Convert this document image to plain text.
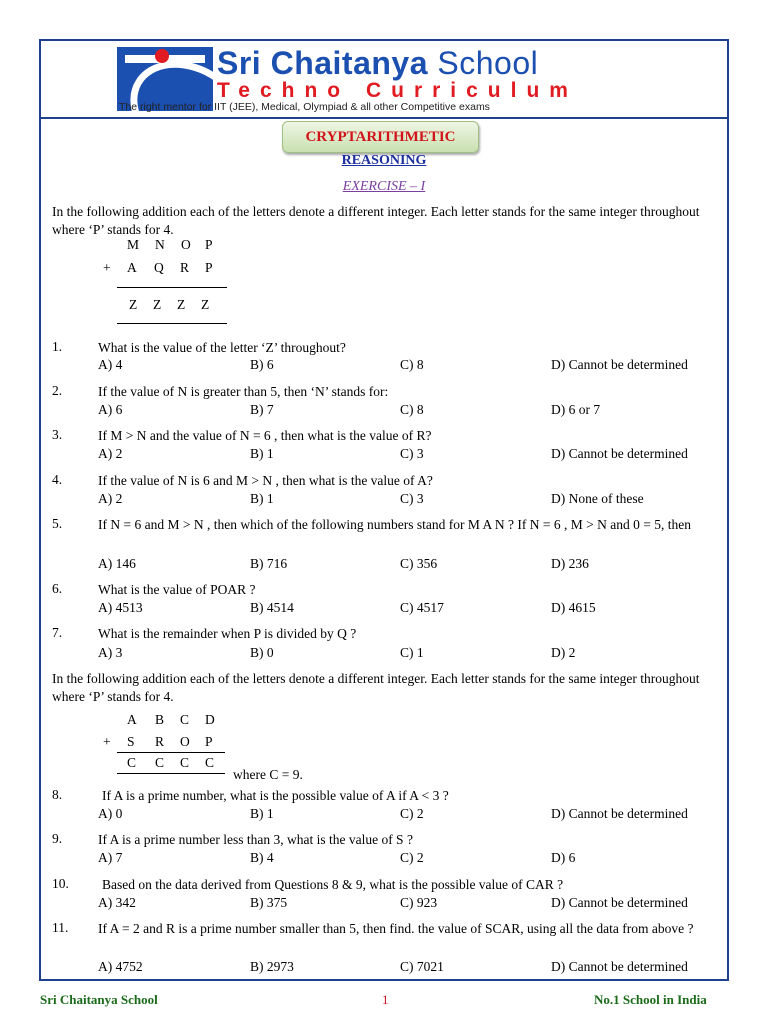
Sri Chaitanya School
Techno Curriculum
The right mentor for IIT (JEE), Medical, Olympiad & all other Competitive exams
CRYPTARITHMETIC
REASONING
EXERCISE – I
In the following addition each of the letters denote a different integer. Each letter stands for the same integer throughout where ‘P’ stands for 4.
M N O P
+ A Q R P
Z Z Z Z
1.	What is the value of the letter ‘Z’ throughout?
A) 4	B) 6	C) 8	D) Cannot be determined
2.	If the value of N is greater than 5, then ‘N’ stands for:
A) 6	B) 7	C) 8	D) 6 or 7
3.	If M > N and the value of N = 6 , then what is the value of R?
A) 2	B) 1	C) 3	D) Cannot be determined
4.	If the value of N is 6 and M > N , then what is the value of A?
A) 2	B) 1	C) 3	D) None of these
5.	If N = 6 and M > N , then which of the following numbers stand for M A N ? If N = 6 , M > N and 0 = 5, then
A) 146	B) 716	C) 356	D) 236
6.	What is the value of POAR ?
A) 4513	B) 4514	C) 4517	D) 4615
7.	What is the remainder when P is divided by Q ?
A) 3	B) 0	C) 1	D) 2
In the following addition each of the letters denote a different integer. Each letter stands for the same integer throughout where ‘P’ stands for 4.
A B C D
+ S R O P
C C C C
where C = 9.
8.	If A is a prime number, what is the possible value of A if A < 3 ?
A) 0	B) 1	C) 2	D) Cannot be determined
9.	If A is a prime number less than 3, what is the value of S ?
A) 7	B) 4	C) 2	D) 6
10. Based on the data derived from Questions 8 & 9, what is the possible value of CAR ?
A) 342	B) 375	C) 923	D) Cannot be determined
11. If A = 2 and R is a prime number smaller than 5, then find. the value of SCAR, using all the data from above ?
A) 4752	B) 2973	C) 7021	D) Cannot be determined
Sri Chaitanya School	1	No.1 School in India
